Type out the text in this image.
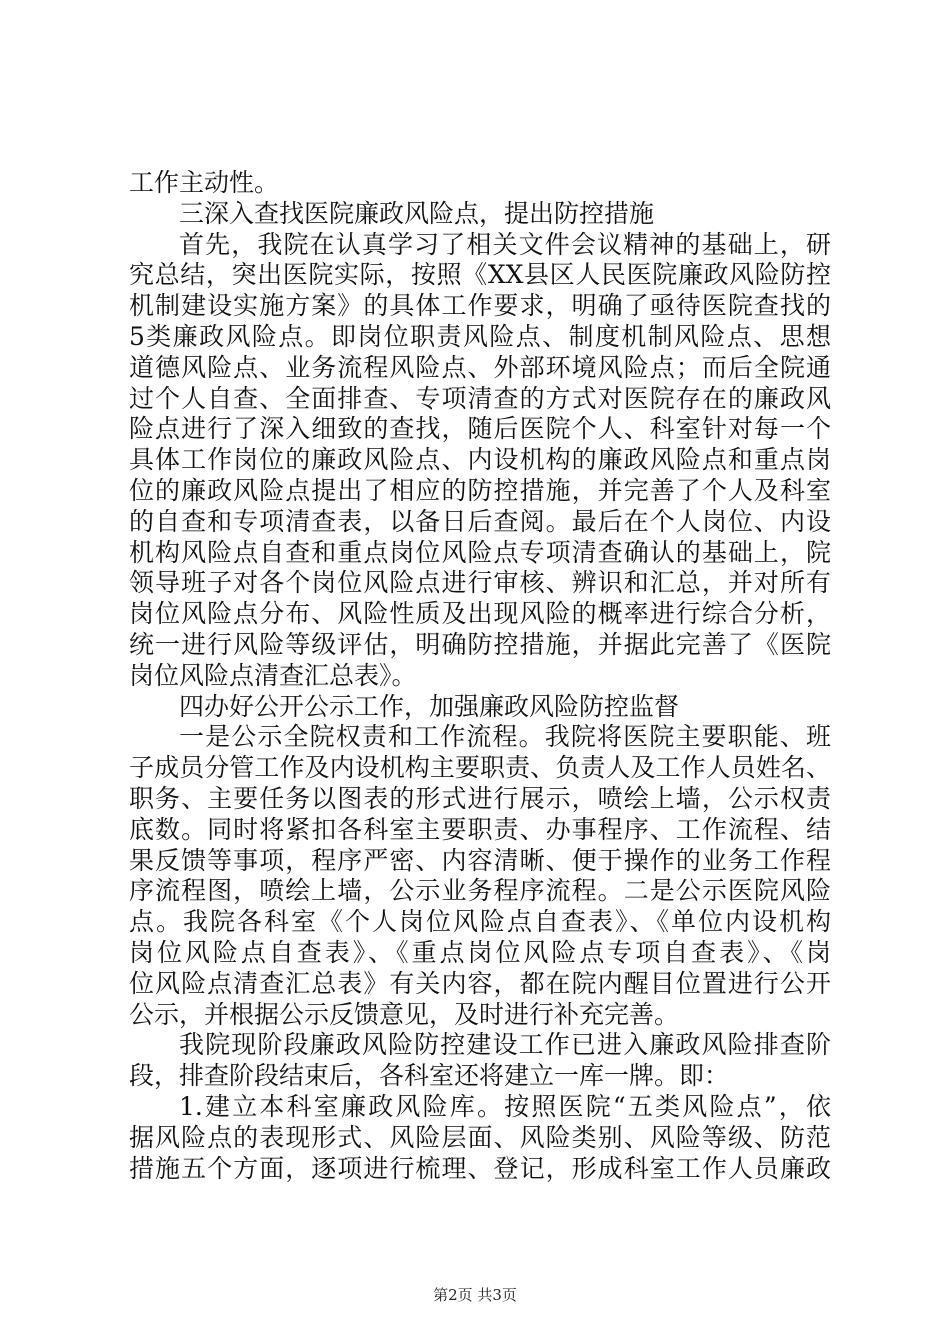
工作主动性。
三深入查找医院廉政风险点，提出防控措施
首先，我院在认真学习了相关文件会议精神的基础上，研
究总结，突出医院实际，按照《XX县区人民医院廉政风险防控
机制建设实施方案》的具体工作要求，明确了亟待医院查找的
5类廉政风险点。即岗位职责风险点、制度机制风险点、思想
道德风险点、业务流程风险点、外部环境风险点；而后全院通
过个人自查、全面排查、专项清查的方式对医院存在的廉政风
险点进行了深入细致的查找，随后医院个人、科室针对每一个
具体工作岗位的廉政风险点、内设机构的廉政风险点和重点岗
位的廉政风险点提出了相应的防控措施，并完善了个人及科室
的自查和专项清查表，以备日后查阅。最后在个人岗位、内设
机构风险点自查和重点岗位风险点专项清查确认的基础上，院
领导班子对各个岗位风险点进行审核、辨识和汇总，并对所有
岗位风险点分布、风险性质及出现风险的概率进行综合分析，
统一进行风险等级评估，明确防控措施，并据此完善了《医院
岗位风险点清查汇总表》。
四办好公开公示工作，加强廉政风险防控监督
一是公示全院权责和工作流程。我院将医院主要职能、班
子成员分管工作及内设机构主要职责、负责人及工作人员姓名、
职务、主要任务以图表的形式进行展示，喷绘上墙，公示权责
底数。同时将紧扣各科室主要职责、办事程序、工作流程、结
果反馈等事项，程序严密、内容清晰、便于操作的业务工作程
序流程图，喷绘上墙，公示业务程序流程。二是公示医院风险
点。我院各科室《个人岗位风险点自查表》、《单位内设机构
岗位风险点自查表》、《重点岗位风险点专项自查表》、《岗
位风险点清查汇总表》有关内容，都在院内醒目位置进行公开
公示，并根据公示反馈意见，及时进行补充完善。
我院现阶段廉政风险防控建设工作已进入廉政风险排查阶
段，排查阶段结束后，各科室还将建立一库一牌。即：
1.建立本科室廉政风险库。按照医院“五类风险点”，依
据风险点的表现形式、风险层面、风险类别、风险等级、防范
措施五个方面，逐项进行梳理、登记，形成科室工作人员廉政
第2页 共3页
